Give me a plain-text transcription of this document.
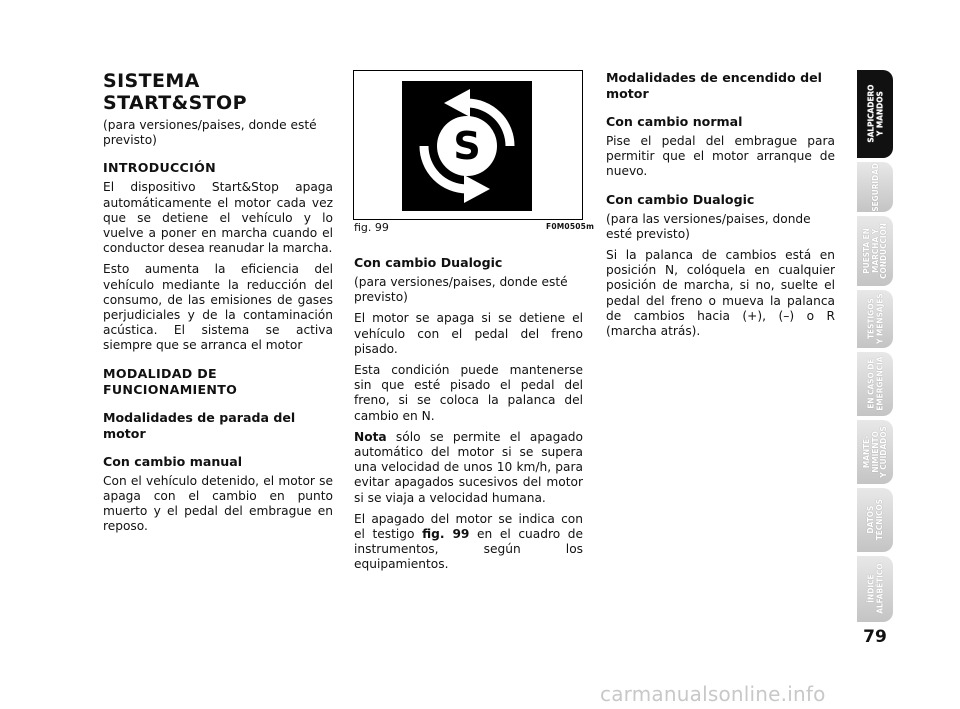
SISTEMA START&STOP

(para versiones/paises, donde esté previsto)

INTRODUCCIÓN

El dispositivo Start&Stop apaga automáticamente el motor cada vez que se detiene el vehículo y lo vuelve a poner en marcha cuando el conductor desea reanudar la marcha.

Esto aumenta la eficiencia del vehículo mediante la reducción del consumo, de las emisiones de gases perjudiciales y de la contaminación acústica. El sistema se activa siempre que se arranca el motor

MODALIDAD DE FUNCIONAMIENTO
Modalidades de parada del motor
Con cambio manual

Con el vehículo detenido, el motor se apaga con el cambio en punto muerto y el pedal del embrague en reposo.

S
fig. 99	F0M0505m
Con cambio Dualogic

(para versiones/paises, donde esté previsto)

El motor se apaga si se detiene el vehículo con el pedal del freno pisado.

Esta condición puede mantenerse sin que esté pisado el pedal del freno, si se coloca la palanca del cambio en N.

Nota sólo se permite el apagado automático del motor si se supera una velocidad de unos 10 km/h, para evitar apagados sucesivos del motor si se viaja a velocidad humana.

El apagado del motor se indica con el testigo fig. 99 en el cuadro de instrumentos, según los equipamientos.

Modalidades de encendido del motor
Con cambio normal

Pise el pedal del embrague para permitir que el motor arranque de nuevo.

Con cambio Dualogic

(para las versiones/paises, donde esté previsto)

Si la palanca de cambios está en posición N, colóquela en cualquier posición de marcha, si no, suelte el pedal del freno o mueva la palanca de cambios hacia (+), (–) o R (marcha atrás).

SALPICADERO
Y MANDOS
SEGURIDAD
PUESTA EN
MARCHA Y
CONDUCCIÓN
TESTIGOS
Y MENSAJES
EN CASO DE
EMERGENCIA
MANTE-
NIMIENTO
Y CUIDADOS
DATOS
TÉCNICOS
ÍNDICE
ALFABÉTICO
79
carmanualsonline.info
